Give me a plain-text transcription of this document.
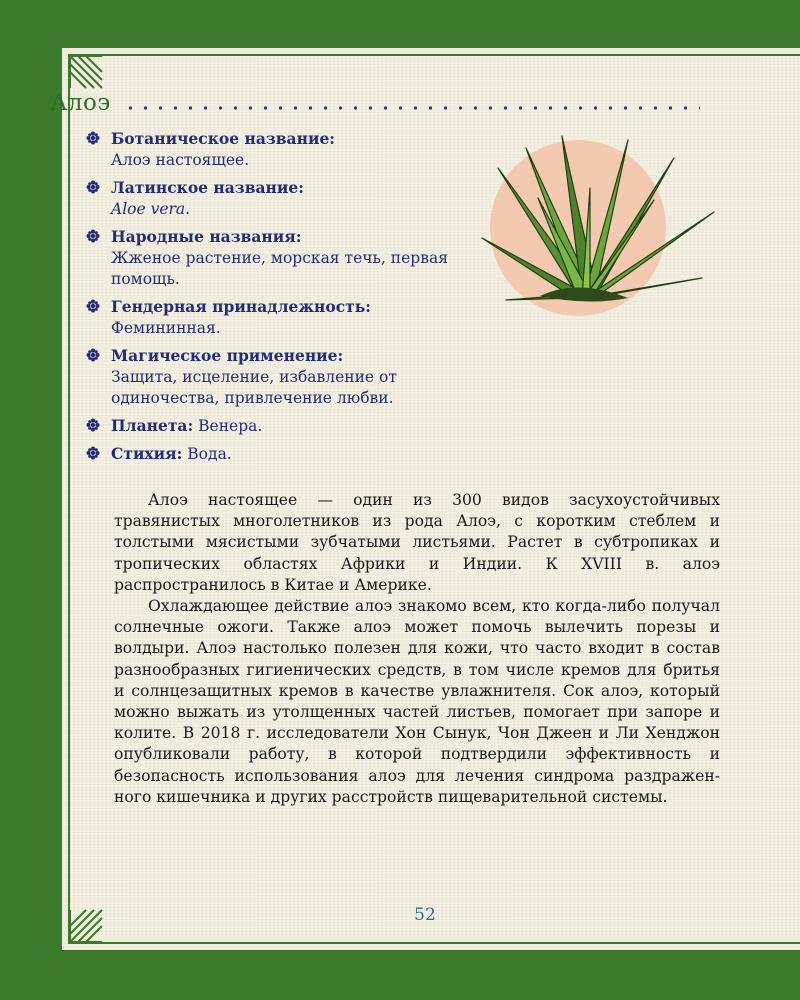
Алоэ
Ботаническое название:
Алоэ настоящее.
Латинское название:
Aloe vera.
Народные названия:
Жженое растение, морская течь, первая помощь.
Гендерная принадлежность: Фемининная.
Магическое применение:
Защита, исцеление, избавление от одиночества, привлечение любви.
Планета: Венера.
Стихия: Вода.

Алоэ настоящее — один из 300 видов засухоустойчивых травянистых многолетников из рода Алоэ, с коротким стеблем и толстыми мясистыми зубчатыми листьями. Растет в субтропиках и тропических областях Африки и Индии. К XVIII в. алоэ распространилось в Китае и Америке.

Охлаждающее действие алоэ знакомо всем, кто когда-либо получал солнечные ожоги. Также алоэ может помочь вылечить порезы и волдыри. Алоэ настолько полезен для кожи, что часто входит в состав разнообразных гигиенических средств, в том числе кремов для бритья и солнцезащитных кремов в качестве увлажнителя. Сок алоэ, который можно выжать из утолщенных частей листьев, помогает при запоре и колите. В 2018 г. исследователи Хон Сынук, Чон Джеен и Ли Хенджон опубликовали работу, в которой подтвердили эффективность и безопасность использования алоэ для лечения синдрома раздраженного кишечника и других расстройств пищеварительной системы.

52
